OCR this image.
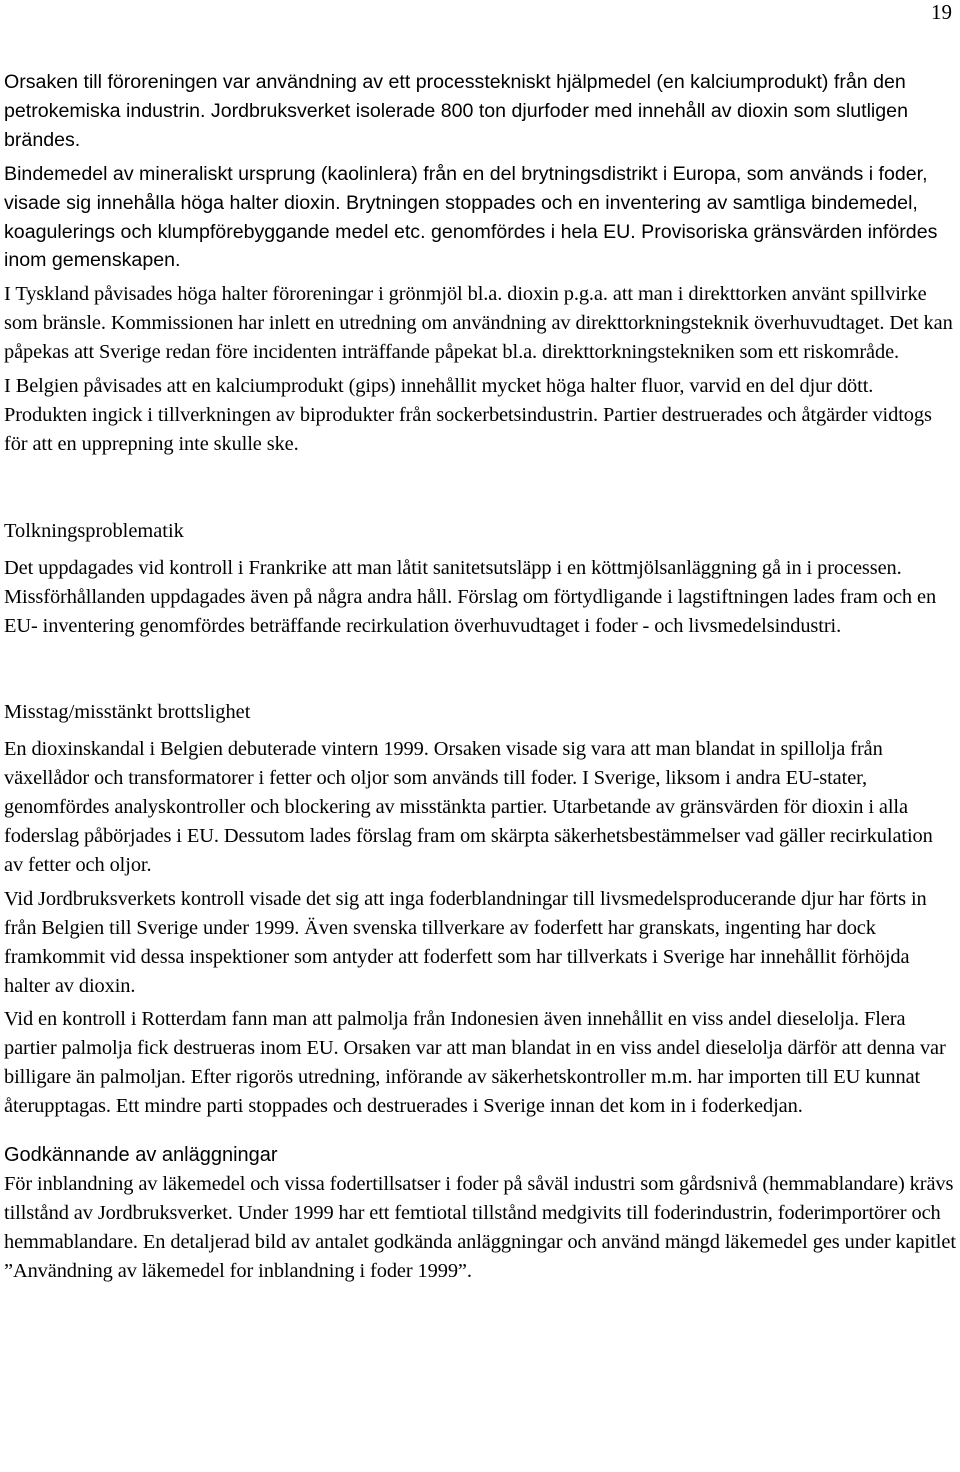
19

Orsaken till föroreningen var användning av ett processtekniskt hjälpmedel (en kalciumprodukt) från den petrokemiska industrin. Jordbruksverket isolerade 800 ton djurfoder med innehåll av dioxin som slutligen brändes.

Bindemedel av mineraliskt ursprung (kaolinlera) från en del brytningsdistrikt i Europa, som används i foder, visade sig innehålla höga halter dioxin. Brytningen stoppades och en inventering av samtliga bindemedel, koagulerings och klumpförebyggande medel etc. genomfördes i hela EU. Provisoriska gränsvärden infördes inom gemenskapen.

I Tyskland påvisades höga halter föroreningar i grönmjöl bl.a. dioxin p.g.a. att man i direkttorken använt spillvirke som bränsle. Kommissionen har inlett en utredning om användning av direkttorkningsteknik överhuvudtaget. Det kan påpekas att Sverige redan före incidenten inträffande påpekat bl.a. direkttorkningstekniken som ett riskområde.

I Belgien påvisades att en kalciumprodukt (gips) innehållit mycket höga halter fluor, varvid en del djur dött. Produkten ingick i tillverkningen av biprodukter från sockerbetsindustrin. Partier destruerades och åtgärder vidtogs för att en upprepning inte skulle ske.

Tolkningsproblematik

Det uppdagades vid kontroll i Frankrike att man låtit sanitetsutsläpp i en köttmjölsanläggning gå in i processen. Missförhållanden uppdagades även på några andra håll. Förslag om förtydligande i lagstiftningen lades fram och en EU- inventering genomfördes beträffande recirkulation överhuvudtaget i foder - och livsmedelsindustri.

Misstag/misstänkt brottslighet

En dioxinskandal i Belgien debuterade vintern 1999. Orsaken visade sig vara att man blandat in spillolja från växellådor och transformatorer i fetter och oljor som används till foder. I Sverige, liksom i andra EU-stater, genomfördes analyskontroller och blockering av misstänkta partier. Utarbetande av gränsvärden för dioxin i alla foderslag påbörjades i EU. Dessutom lades förslag fram om skärpta säkerhetsbestämmelser vad gäller recirkulation av fetter och oljor.

Vid Jordbruksverkets kontroll visade det sig att inga foderblandningar till livsmedelsproducerande djur har förts in från Belgien till Sverige under 1999. Även svenska tillverkare av foderfett har granskats, ingenting har dock framkommit vid dessa inspektioner som antyder att foderfett som har tillverkats i Sverige har innehållit förhöjda halter av dioxin.

Vid en kontroll i Rotterdam fann man att palmolja från Indonesien även innehållit en viss andel dieselolja. Flera partier palmolja fick destrueras inom EU. Orsaken var att man blandat in en viss andel dieselolja därför att denna var billigare än palmoljan. Efter rigorös utredning, införande av säkerhetskontroller m.m. har importen till EU kunnat återupptagas. Ett mindre parti stoppades och destruerades i Sverige innan det kom in i foderkedjan.

Godkännande av anläggningar

För inblandning av läkemedel och vissa fodertillsatser i foder på såväl industri som gårdsnivå (hemmablandare) krävs tillstånd av Jordbruksverket. Under 1999 har ett femtiotal tillstånd medgivits till foderindustrin, foderimportörer och hemmablandare. En detaljerad bild av antalet godkända anläggningar och använd mängd läkemedel ges under kapitlet ”Användning av läkemedel for inblandning i foder 1999”.
